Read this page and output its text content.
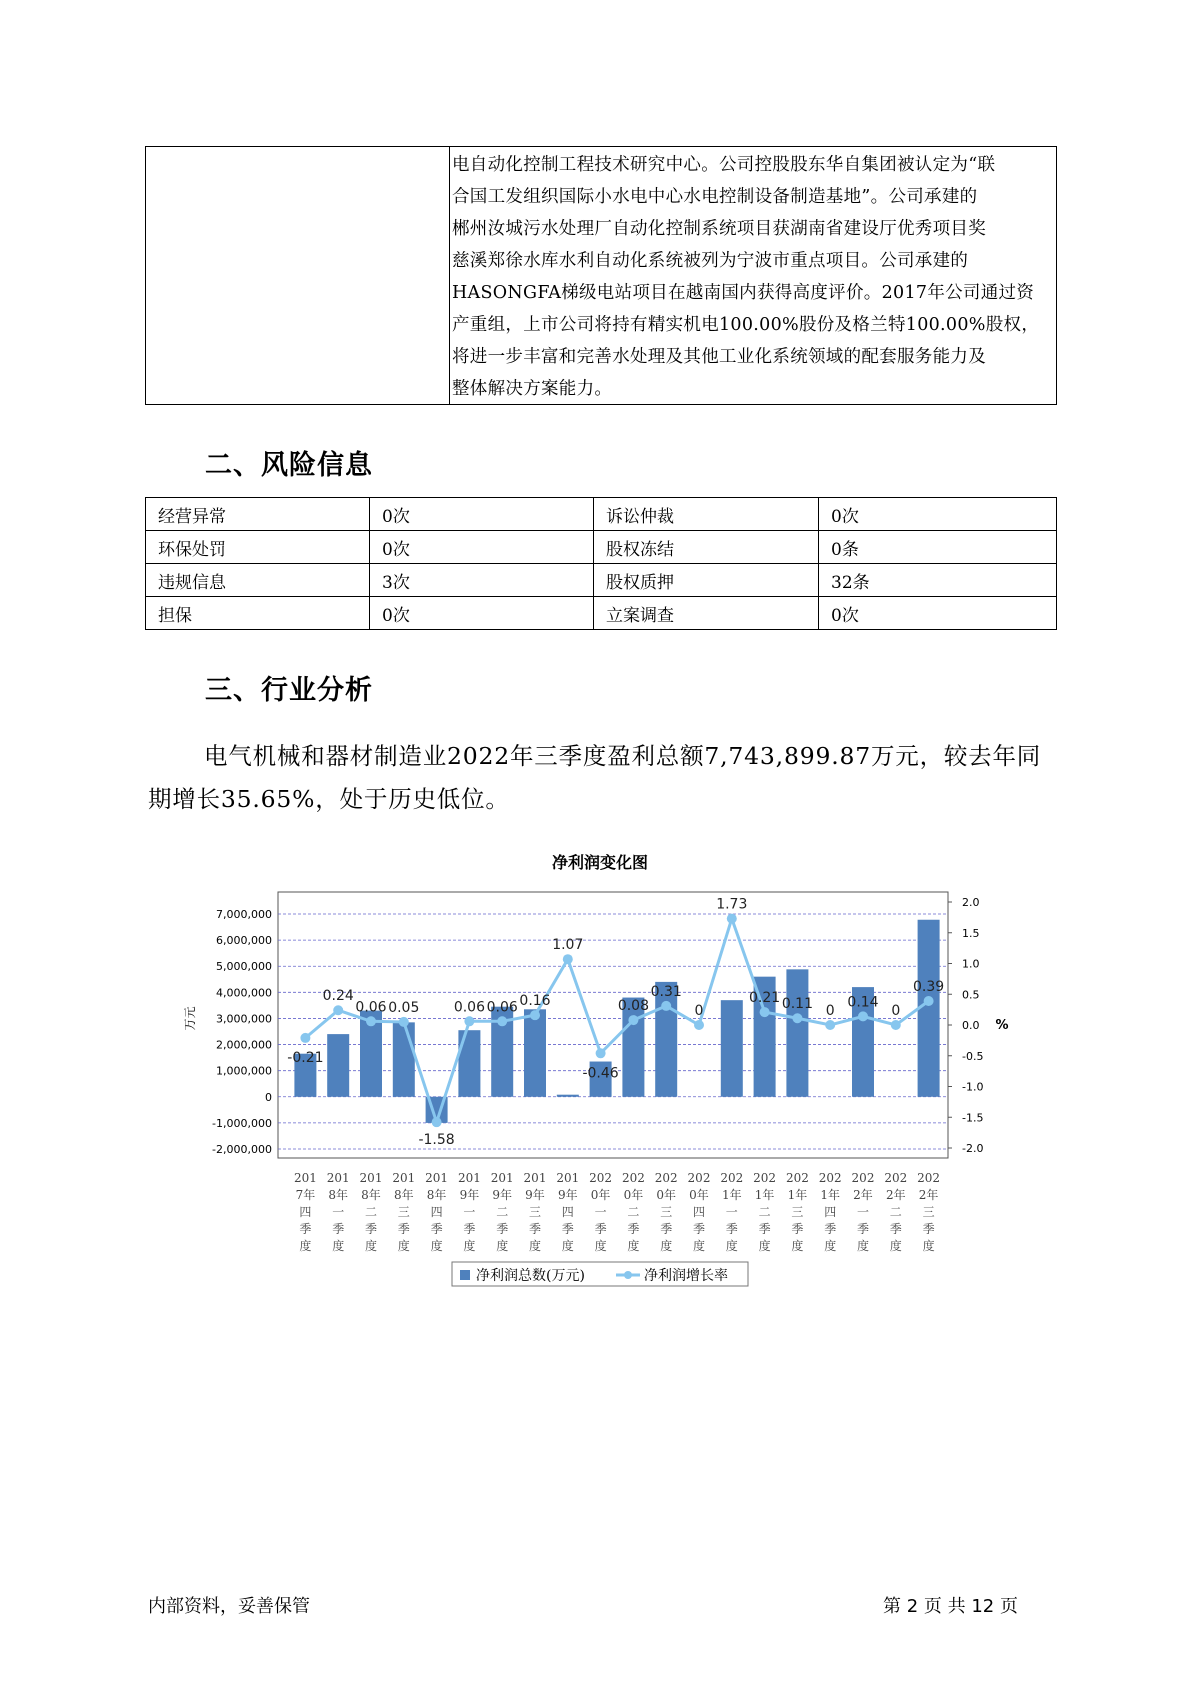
电自动化控制工程技术研究中心。公司控股股东华自集团被认定为“联
合国工发组织国际小水电中心水电控制设备制造基地”。公司承建的
郴州汝城污水处理厂自动化控制系统项目获湖南省建设厅优秀项目奖
慈溪郑徐水库水利自动化系统被列为宁波市重点项目。公司承建的
HASONGFA梯级电站项目在越南国内获得高度评价。2017年公司通过资
产重组，上市公司将持有精实机电100.00%股份及格兰特100.00%股权，
将进一步丰富和完善水处理及其他工业化系统领域的配套服务能力及
整体解决方案能力。
二、风险信息
经营异常	0次	诉讼仲裁	0次
环保处罚	0次	股权冻结	0条
违规信息	3次	股权质押	32条
担保	0次	立案调查	0次
三、行业分析

电气机械和器材制造业2022年三季度盈利总额7,743,899.87万元，较去年同期增长35.65%，处于历史低位。

净利润变化图
7,000,000
6,000,000
5,000,000
4,000,000
3,000,000
2,000,000
1,000,000
0
-1,000,000
-2,000,000
2.0
1.5
1.0
0.5
0.0
-0.5
-1.0
-1.5
-2.0
万元	%
-0.21
0.24
0.06 0.05
-1.58
0.06 0.06 0.16
1.07
-0.46
0.08
0.31
0
1.73
0.21 0.11 0
0.14
0
0.39
201
7年
四
季
度
201
8年
一
季
度
201
8年
二
季
度
201
8年
三
季
度
201
8年
四
季
度
201
9年
一
季
度
201
9年
二
季
度
201
9年
三
季
度
201
9年
四
季
度
202
0年
一
季
度
202
0年
二
季
度
202
0年
三
季
度
202
0年
四
季
度
202
1年
一
季
度
202
1年
二
季
度
202
1年
三
季
度
202
1年
四
季
度
202
2年
一
季
度
202
2年
二
季
度
202
2年
三
季
度
净利润总数(万元)	净利润增长率
内部资料，妥善保管	第 2 页 共 12 页
